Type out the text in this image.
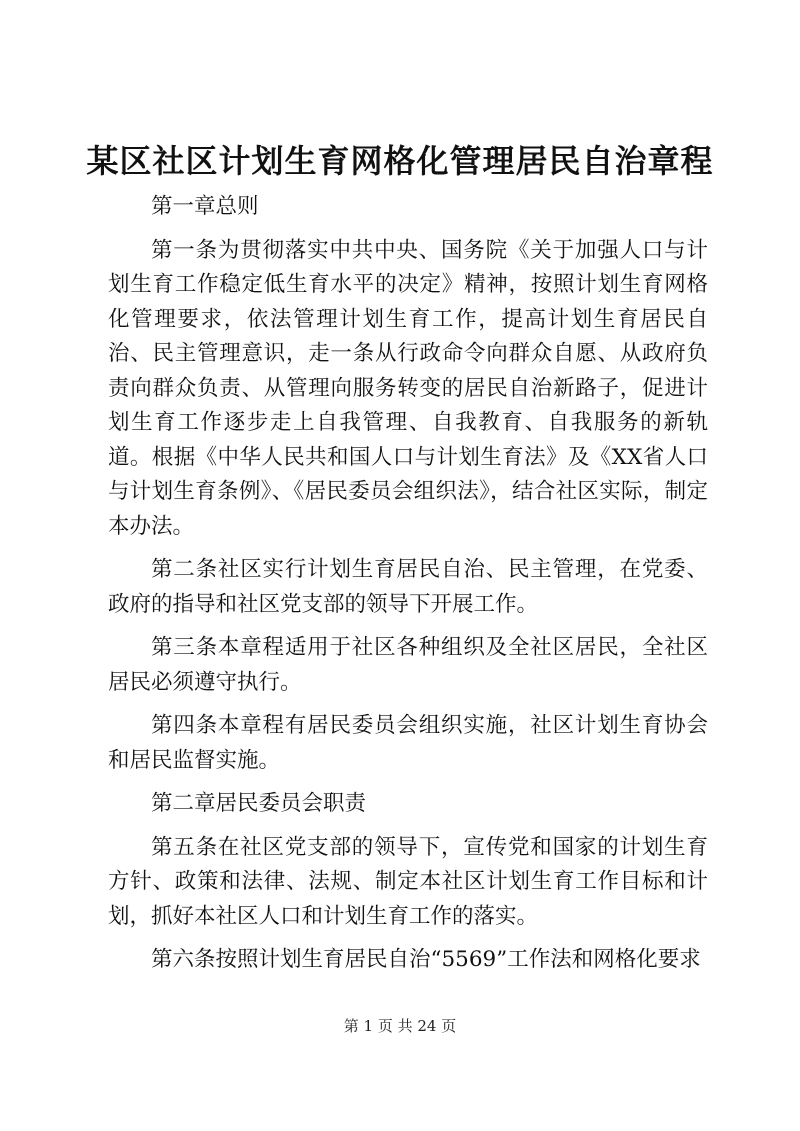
某区社区计划生育网格化管理居民自治章程

第一章总则

第一条为贯彻落实中共中央、国务院《关于加强人口与计划生育工作稳定低生育水平的决定》精神，按照计划生育网格化管理要求，依法管理计划生育工作，提高计划生育居民自治、民主管理意识，走一条从行政命令向群众自愿、从政府负责向群众负责、从管理向服务转变的居民自治新路子，促进计划生育工作逐步走上自我管理、自我教育、自我服务的新轨道。根据《中华人民共和国人口与计划生育法》及《XX省人口与计划生育条例》、《居民委员会组织法》，结合社区实际，制定本办法。

第二条社区实行计划生育居民自治、民主管理，在党委、政府的指导和社区党支部的领导下开展工作。

第三条本章程适用于社区各种组织及全社区居民，全社区居民必须遵守执行。

第四条本章程有居民委员会组织实施，社区计划生育协会和居民监督实施。

第二章居民委员会职责

第五条在社区党支部的领导下，宣传党和国家的计划生育方针、政策和法律、法规、制定本社区计划生育工作目标和计划，抓好本社区人口和计划生育工作的落实。

第六条按照计划生育居民自治“5569”工作法和网格化要求

第 1 页 共 24 页
